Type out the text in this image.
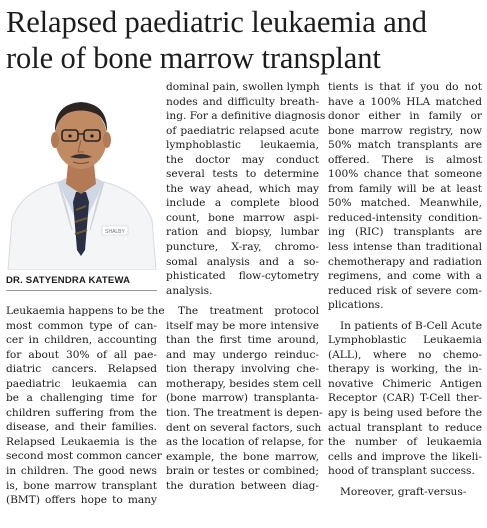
Relapsed paediatric leukaemia and
role of bone marrow transplant
SHALBY
DR. SATYENDRA KATEWA
Leukaemia happens to be the
most common type of can-
cer in children, accounting
for about 30% of all pae-
diatric cancers. Relapsed
paediatric leukaemia can
be a challenging time for
children suffering from the
disease, and their families.
Relapsed Leukaemia is the
second most common cancer
in children. The good news
is, bone marrow transplant
(BMT) offers hope to many
dominal pain, swollen lymph
nodes and difficulty breath-
ing. For a definitive diagnosis
of paediatric relapsed acute
lymphoblastic leukaemia,
the doctor may conduct
several tests to determine
the way ahead, which may
include a complete blood
count, bone marrow aspi-
ration and biopsy, lumbar
puncture, X-ray, chromo-
somal analysis and a so-
phisticated flow-cytometry
analysis.
The treatment protocol
itself may be more intensive
than the first time around,
and may undergo reinduc-
tion therapy involving che-
motherapy, besides stem cell
(bone marrow) transplanta-
tion. The treatment is depen-
dent on several factors, such
as the location of relapse, for
example, the bone marrow,
brain or testes or combined;
the duration between diag-
tients is that if you do not
have a 100% HLA matched
donor either in family or
bone marrow registry, now
50% match transplants are
offered. There is almost
100% chance that someone
from family will be at least
50% matched. Meanwhile,
reduced-intensity condition-
ing (RIC) transplants are
less intense than traditional
chemotherapy and radiation
regimens, and come with a
reduced risk of severe com-
plications.
In patients of B-Cell Acute
Lymphoblastic Leukaemia
(ALL), where no chemo-
therapy is working, the in-
novative Chimeric Antigen
Receptor (CAR) T-Cell ther-
apy is being used before the
actual transplant to reduce
the number of leukaemia
cells and improve the likeli-
hood of transplant success.
Moreover, graft-versus-
